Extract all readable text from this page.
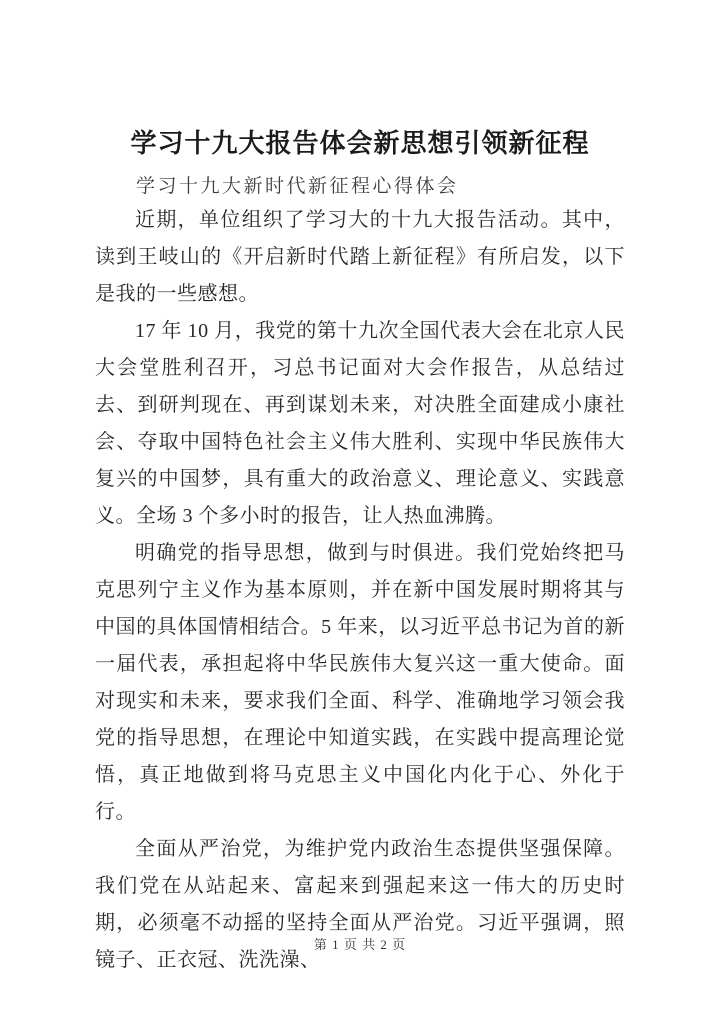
学习十九大报告体会新思想引领新征程
学习十九大新时代新征程心得体会

近期，单位组织了学习大的十九大报告活动。其中，读到王岐山的《开启新时代踏上新征程》有所启发，以下是我的一些感想。

17 年 10 月，我党的第十九次全国代表大会在北京人民大会堂胜利召开，习总书记面对大会作报告，从总结过去、到研判现在、再到谋划未来，对决胜全面建成小康社会、夺取中国特色社会主义伟大胜利、实现中华民族伟大复兴的中国梦，具有重大的政治意义、理论意义、实践意义。全场 3 个多小时的报告，让人热血沸腾。

明确党的指导思想，做到与时俱进。我们党始终把马克思列宁主义作为基本原则，并在新中国发展时期将其与中国的具体国情相结合。5 年来，以习近平总书记为首的新一届代表，承担起将中华民族伟大复兴这一重大使命。面对现实和未来，要求我们全面、科学、准确地学习领会我党的指导思想，在理论中知道实践，在实践中提高理论觉悟，真正地做到将马克思主义中国化内化于心、外化于行。

全面从严治党，为维护党内政治生态提供坚强保障。我们党在从站起来、富起来到强起来这一伟大的历史时期，必须毫不动摇的坚持全面从严治党。习近平强调，照镜子、正衣冠、洗洗澡、

第 1 页 共 2 页
